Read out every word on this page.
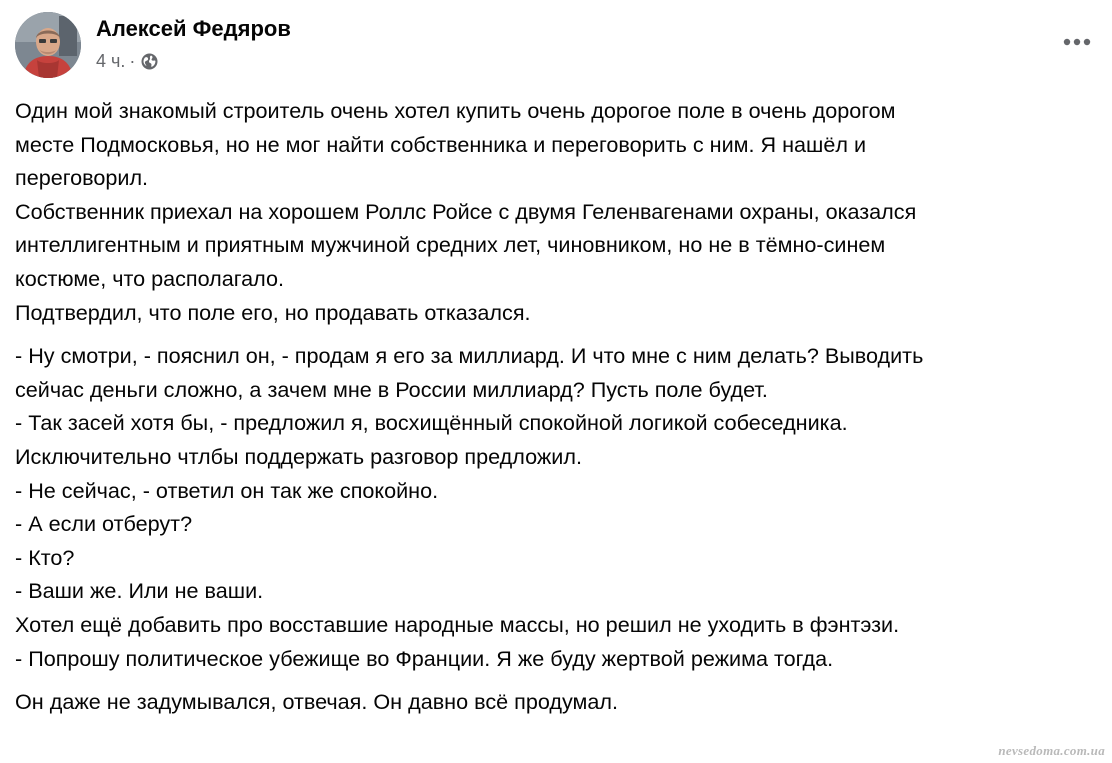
Алексей Федяров
4 ч. ·
Один мой знакомый строитель очень хотел купить очень дорогое поле в очень дорогом
месте Подмосковья, но не мог найти собственника и переговорить с ним. Я нашёл и
переговорил.
Собственник приехал на хорошем Роллс Ройсе с двумя Геленвагенами охраны, оказался
интеллигентным и приятным мужчиной средних лет, чиновником, но не в тёмно-синем
костюме, что располагало.
Подтвердил, что поле его, но продавать отказался.
- Ну смотри, - пояснил он, - продам я его за миллиард. И что мне с ним делать? Выводить
сейчас деньги сложно, а зачем мне в России миллиард? Пусть поле будет.
- Так засей хотя бы, - предложил я, восхищённый спокойной логикой собеседника.
Исключительно чтлбы поддержать разговор предложил.
- Не сейчас, - ответил он так же спокойно.
- А если отберут?
- Кто?
- Ваши же. Или не ваши.
Хотел ещё добавить про восставшие народные массы, но решил не уходить в фэнтэзи.
- Попрошу политическое убежище во Франции. Я же буду жертвой режима тогда.
Он даже не задумывался, отвечая. Он давно всё продумал.
nevsedoma.com.ua
